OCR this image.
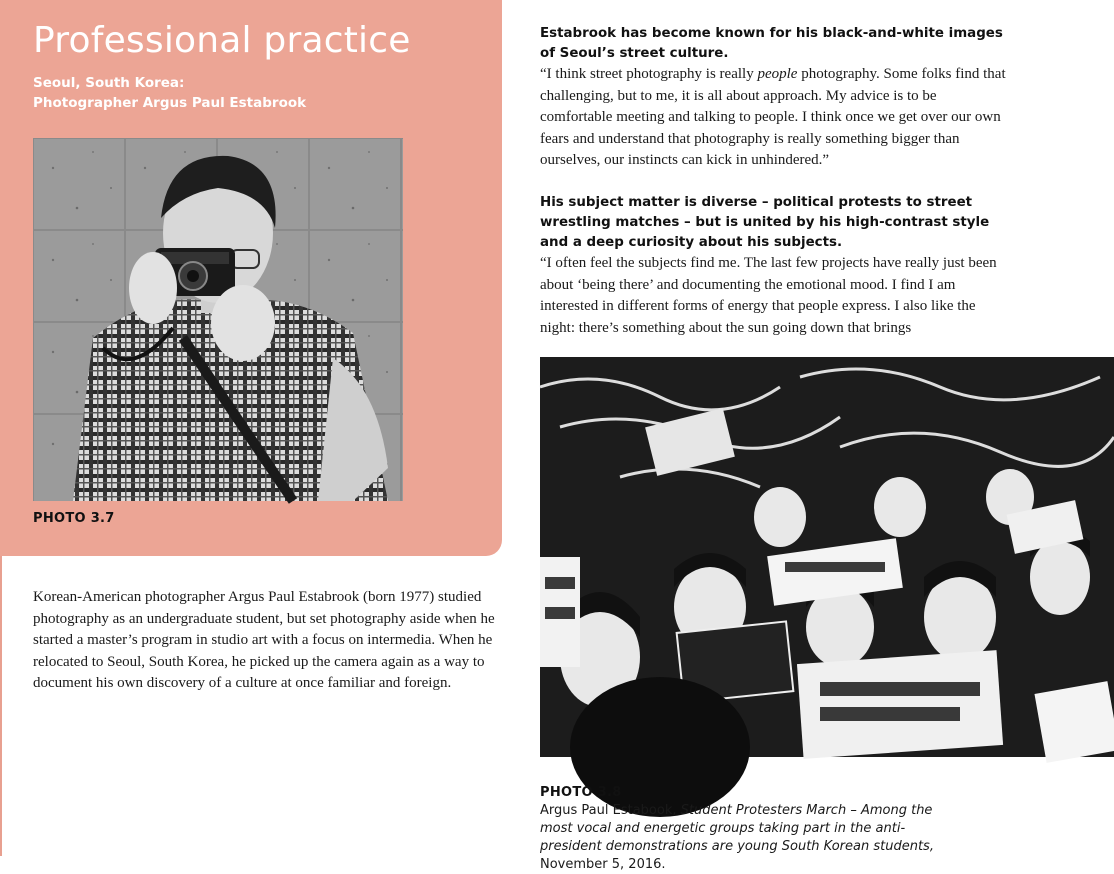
Professional practice
Seoul, South Korea:
Photographer Argus Paul Estabrook
PHOTO 3.7
Korean-American photographer Argus Paul Estabrook (born 1977) studied photography as an undergraduate student, but set photography aside when he started a master’s program in studio art with a focus on intermedia. When he relocated to Seoul, South Korea, he picked up the camera again as a way to document his own discovery of a culture at once familiar and foreign.

Estabrook has become known for his black-and-white images of Seoul’s street culture.

“I think street photography is really people photography. Some folks find that challenging, but to me, it is all about approach. My advice is to be comfortable meeting and talking to people. I think once we get over our own fears and understand that photography is really something bigger than ourselves, our instincts can kick in unhindered.”

His subject matter is diverse – political protests to street wrestling matches – but is united by his high-contrast style and a deep curiosity about his subjects.

“I often feel the subjects find me. The last few projects have really just been about ‘being there’ and documenting the emotional mood. I find I am interested in different forms of energy that people express. I also like the night: there’s something about the sun going down that brings

PHOTO 3.8
Argus Paul Estabook, Student Protesters March – Among the most vocal and energetic groups taking part in the anti-president demonstrations are young South Korean students, November 5, 2016.
